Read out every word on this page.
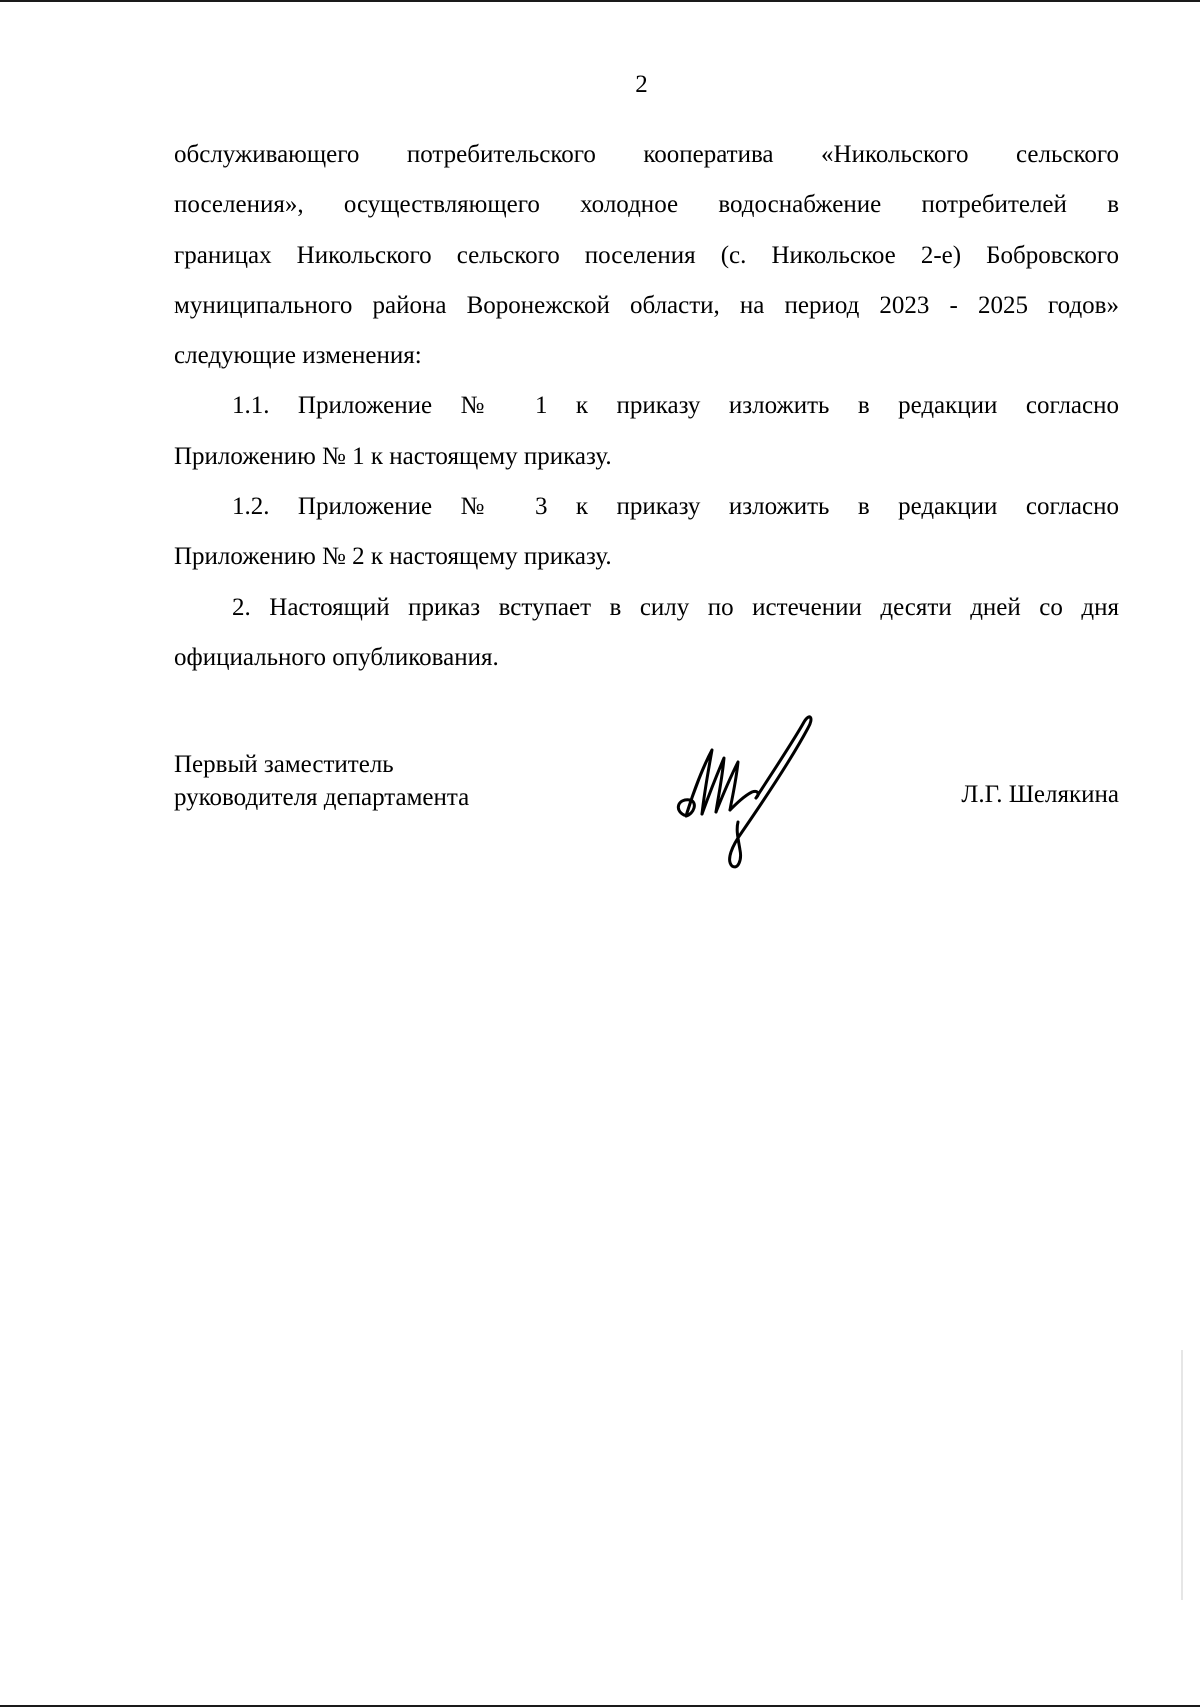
2

обслуживающего потребительского кооператива «Никольского сельского
поселения», осуществляющего холодное водоснабжение потребителей в
границах Никольского сельского поселения (с. Никольское 2-е) Бобровского
муниципального района Воронежской области, на период 2023 - 2025 годов»
следующие изменения:

1.1. Приложение № 1 к приказу изложить в редакции согласно
Приложению № 1 к настоящему приказу.

1.2. Приложение № 3 к приказу изложить в редакции согласно
Приложению № 2 к настоящему приказу.

2. Настоящий приказ вступает в силу по истечении десяти дней со дня
официального опубликования.

Первый заместитель
руководителя департамента	Л.Г. Шелякина
